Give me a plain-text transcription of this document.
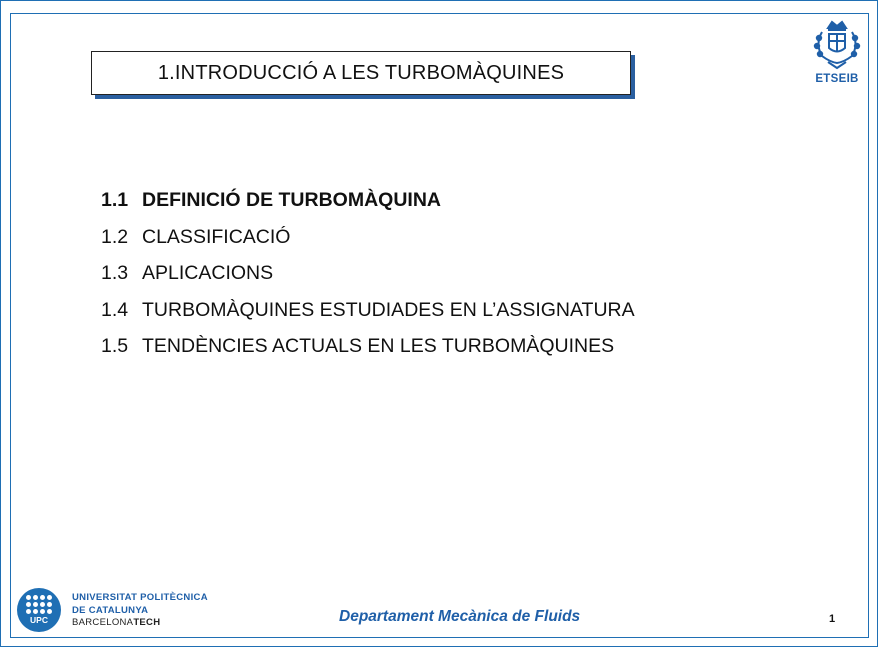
1.INTRODUCCIÓ A LES TURBOMÀQUINES	ETSEIB
1.1 DEFINICIÓ DE TURBOMÀQUINA
1.2 CLASSIFICACIÓ
1.3 APLICACIONS
1.4 TURBOMÀQUINES ESTUDIADES EN L’ASSIGNATURA
1.5 TENDÈNCIES ACTUALS EN LES TURBOMÀQUINES
UPC
UNIVERSITAT POLITÈCNICA
DE CATALUNYA
BARCELONATECH	Departament Mecànica de Fluids	1
